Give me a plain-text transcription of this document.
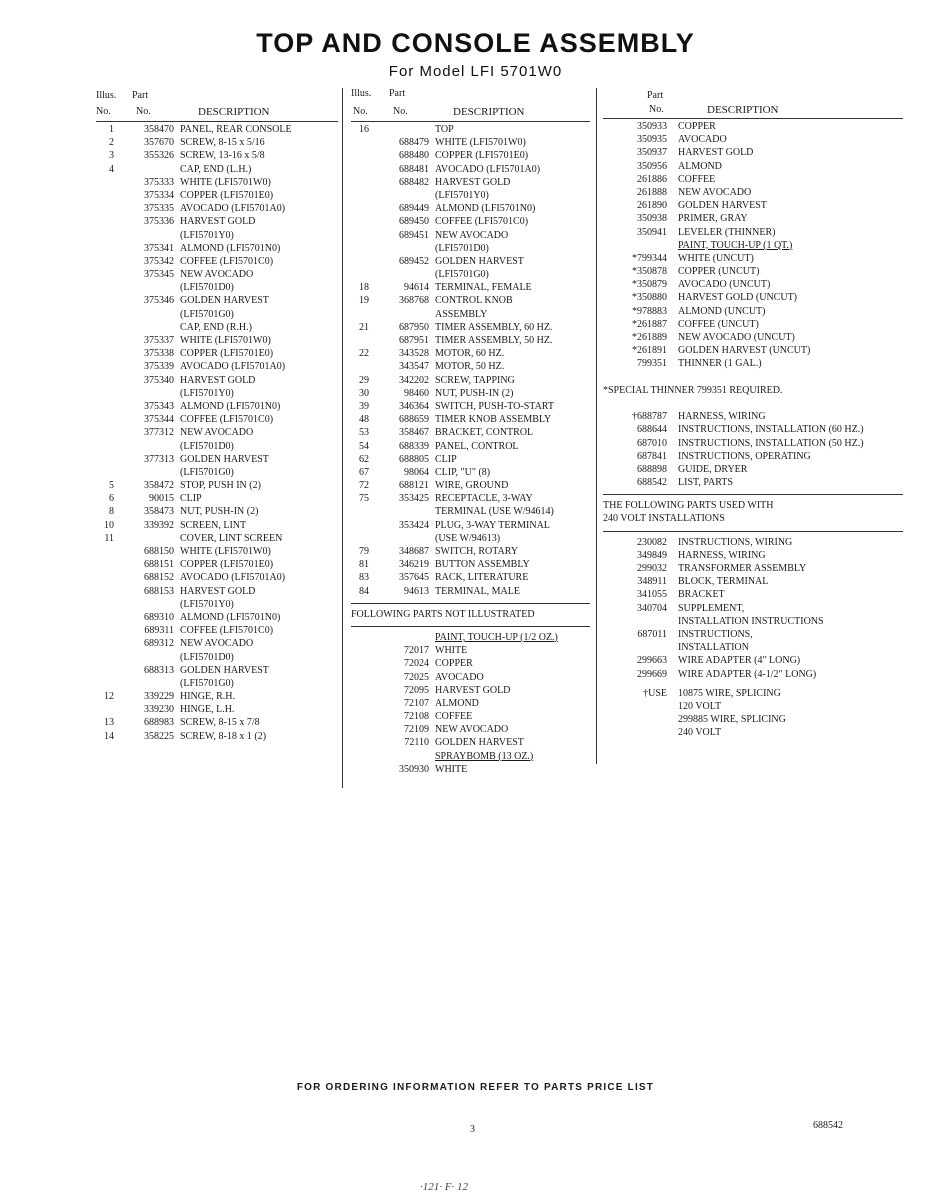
TOP AND CONSOLE ASSEMBLY
For Model LFI 5701W0
Illus. Part
No.	No.	DESCRIPTION
1	358470 PANEL, REAR CONSOLE
2	357670 SCREW, 8-15 x 5/16
3	355326 SCREW, 13-16 x 5/8
4	CAP, END (L.H.)
375333 WHITE (LFI5701W0)
375334 COPPER (LFI5701E0)
375335 AVOCADO (LFI5701A0)
375336 HARVEST GOLD
(LFI5701Y0)
375341 ALMOND (LFI5701N0)
375342 COFFEE (LFI5701C0)
375345 NEW AVOCADO
(LFI5701D0)
375346 GOLDEN HARVEST
(LFI5701G0)
CAP, END (R.H.)
375337 WHITE (LFI5701W0)
375338 COPPER (LFI5701E0)
375339 AVOCADO (LFI5701A0)
375340 HARVEST GOLD
(LFI5701Y0)
375343 ALMOND (LFI5701N0)
375344 COFFEE (LFI5701C0)
377312 NEW AVOCADO
(LFI5701D0)
377313 GOLDEN HARVEST
(LFI5701G0)
5	358472 STOP, PUSH IN (2)
6	90015 CLIP
8	358473 NUT, PUSH-IN (2)
10	339392 SCREEN, LINT
11	COVER, LINT SCREEN
688150 WHITE (LFI5701W0)
688151 COPPER (LFI5701E0)
688152 AVOCADO (LFI5701A0)
688153 HARVEST GOLD
(LFI5701Y0)
689310 ALMOND (LFI5701N0)
689311 COFFEE (LFI5701C0)
689312 NEW AVOCADO
(LFI5701D0)
688313 GOLDEN HARVEST
(LFI5701G0)
12	339229 HINGE, R.H.
339230 HINGE, L.H.
13	688983 SCREW, 8-15 x 7/8
14	358225 SCREW, 8-18 x 1 (2)
Illus. Part
No.	No.	DESCRIPTION
16	TOP
688479 WHITE (LFI5701W0)
688480 COPPER (LFI5701E0)
688481 AVOCADO (LFI5701A0)
688482 HARVEST GOLD
(LFI5701Y0)
689449 ALMOND (LFI5701N0)
689450 COFFEE (LFI5701C0)
689451 NEW AVOCADO
(LFI5701D0)
689452 GOLDEN HARVEST
(LFI5701G0)
18	94614 TERMINAL, FEMALE
19	368768 CONTROL KNOB
ASSEMBLY
21	687950 TIMER ASSEMBLY, 60 HZ.
687951 TIMER ASSEMBLY, 50 HZ.
22	343528 MOTOR, 60 HZ.
343547 MOTOR, 50 HZ.
29	342202 SCREW, TAPPING
30	98460 NUT, PUSH-IN (2)
39	346364 SWITCH, PUSH-TO-START
48	688659 TIMER KNOB ASSEMBLY
53	358467 BRACKET, CONTROL
54	688339 PANEL, CONTROL
62	688805 CLIP
67	98064 CLIP, "U" (8)
72	688121 WIRE, GROUND
75	353425 RECEPTACLE, 3-WAY
TERMINAL (USE W/94614)
353424 PLUG, 3-WAY TERMINAL
(USE W/94613)
79	348687 SWITCH, ROTARY
81	346219 BUTTON ASSEMBLY
83	357645 RACK, LITERATURE
84	94613 TERMINAL, MALE
FOLLOWING PARTS NOT ILLUSTRATED
PAINT, TOUCH-UP (1/2 OZ.)
72017 WHITE
72024 COPPER
72025 AVOCADO
72095 HARVEST GOLD
72107 ALMOND
72108 COFFEE
72109 NEW AVOCADO
72110 GOLDEN HARVEST
SPRAYBOMB (13 OZ.)
350930 WHITE
Part
No.	DESCRIPTION
350933 COPPER
350935 AVOCADO
350937 HARVEST GOLD
350956 ALMOND
261886 COFFEE
261888 NEW AVOCADO
261890 GOLDEN HARVEST
350938 PRIMER, GRAY
350941 LEVELER (THINNER)
PAINT, TOUCH-UP (1 QT.)
*799344 WHITE (UNCUT)
*350878 COPPER (UNCUT)
*350879 AVOCADO (UNCUT)
*350880 HARVEST GOLD (UNCUT)
*978883 ALMOND (UNCUT)
*261887 COFFEE (UNCUT)
*261889 NEW AVOCADO (UNCUT)
*261891 GOLDEN HARVEST (UNCUT)
799351 THINNER (1 GAL.)
*SPECIAL THINNER 799351 REQUIRED.
†688787 HARNESS, WIRING
688644 INSTRUCTIONS, INSTALLATION (60 HZ.)
687010 INSTRUCTIONS, INSTALLATION (50 HZ.)
687841 INSTRUCTIONS, OPERATING
688898 GUIDE, DRYER
688542 LIST, PARTS
THE FOLLOWING PARTS USED WITH
240 VOLT INSTALLATIONS
230082 INSTRUCTIONS, WIRING
349849 HARNESS, WIRING
299032 TRANSFORMER ASSEMBLY
348911 BLOCK, TERMINAL
341055 BRACKET
340704 SUPPLEMENT,
INSTALLATION INSTRUCTIONS
687011 INSTRUCTIONS,
INSTALLATION
299663 WIRE ADAPTER (4" LONG)
299669 WIRE ADAPTER (4-1/2" LONG)
†USE 10875 WIRE, SPLICING
120 VOLT
299885 WIRE, SPLICING
240 VOLT
FOR ORDERING INFORMATION REFER TO PARTS PRICE LIST
3	688542
·121· F· 12
